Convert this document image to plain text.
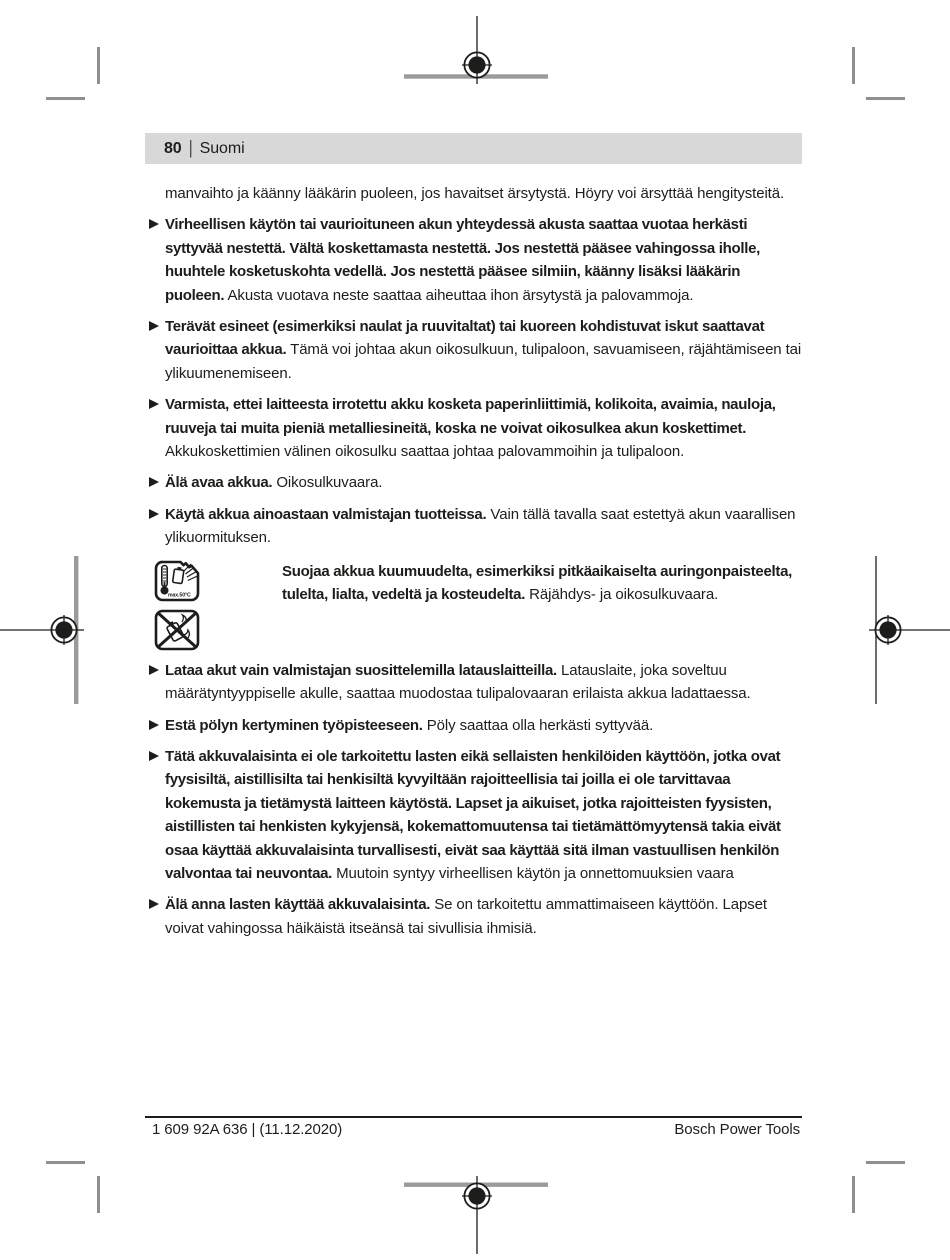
80 | Suomi

manvaihto ja käänny lääkärin puoleen, jos havaitset ärsytystä. Höyry voi ärsyttää hengitysteitä.

Virheellisen käytön tai vaurioituneen akun yhteydessä akusta saattaa vuotaa herkästi syttyvää nestettä. Vältä koskettamasta nestettä. Jos nestettä pääsee vahingossa iholle, huuhtele kosketuskohta vedellä. Jos nestettä pääsee silmiin, käänny lisäksi lääkärin puoleen. Akusta vuotava neste saattaa aiheuttaa ihon ärsytystä ja palovammoja.
Terävät esineet (esimerkiksi naulat ja ruuvitaltat) tai kuoreen kohdistuvat iskut saattavat vaurioittaa akkua. Tämä voi johtaa akun oikosulkuun, tulipaloon, savuamiseen, räjähtämiseen tai ylikuumenemiseen.
Varmista, ettei laitteesta irrotettu akku kosketa paperinliittimiä, kolikoita, avaimia, nauloja, ruuveja tai muita pieniä metalliesineitä, koska ne voivat oikosulkea akun koskettimet.Akkukoskettimien välinen oikosulku saattaa johtaa palovammoihin ja tulipaloon.
Älä avaa akkua. Oikosulkuvaara.
Käytä akkua ainoastaan valmistajan tuotteissa. Vain tällä tavalla saat estettyä akun vaarallisen ylikuormituksen.
max.50°C
Suojaa akkua kuumuudelta, esimerkiksi pitkäaikaiselta auringonpaisteelta, tulelta, lialta, vedeltä ja kosteudelta. Räjähdys- ja oikosulkuvaara.
Lataa akut vain valmistajan suosittelemilla latauslaitteilla. Latauslaite, joka soveltuu määrätyntyyppiselle akulle, saattaa muodostaa tulipalovaaran erilaista akkua ladattaessa.
Estä pölyn kertyminen työpisteeseen. Pöly saattaa olla herkästi syttyvää.
Tätä akkuvalaisinta ei ole tarkoitettu lasten eikä sellaisten henkilöiden käyttöön, jotka ovat fyysisiltä, aistillisilta tai henkisiltä kyvyiltään rajoitteellisia tai joilla ei ole tarvittavaa kokemusta ja tietämystä laitteen käytöstä. Lapset ja aikuiset, jotka rajoitteisten fyysisten, aistillisten tai henkisten kykyjensä, kokemattomuutensa tai tietämättömyytensä takia eivät osaa käyttää akkuvalaisinta turvallisesti, eivät saa käyttää sitä ilman vastuullisen henkilön valvontaa tai neuvontaa. Muutoin syntyy virheellisen käytön ja onnettomuuksien vaara
Älä anna lasten käyttää akkuvalaisinta. Se on tarkoitettu ammattimaiseen käyttöön. Lapset voivat vahingossa häikäistä itseänsä tai sivullisia ihmisiä.
1 609 92A 636 | (11.12.2020)	Bosch Power Tools
